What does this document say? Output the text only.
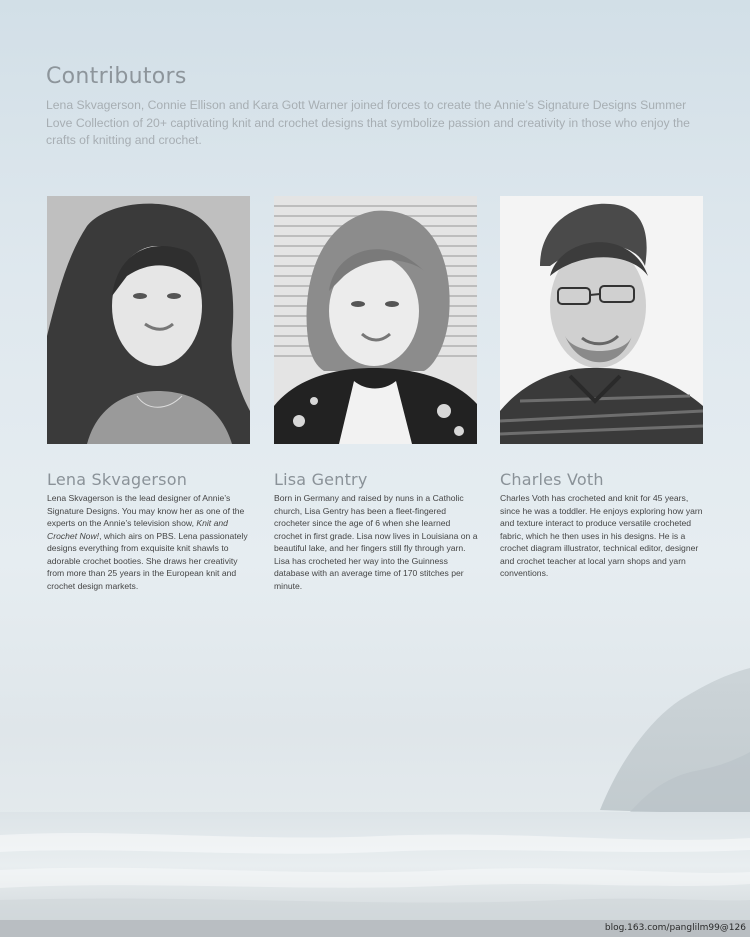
Contributors

Lena Skvagerson, Connie Ellison and Kara Gott Warner joined forces to create the Annie’s Signature Designs Summer Love Collection of 20+ captivating knit and crochet designs that symbolize passion and creativity in those who enjoy the crafts of knitting and crochet.

Lena Skvagerson

Lena Skvagerson is the lead designer of Annie’s Signature Designs. You may know her as one of the experts on the Annie’s television show, Knit and Crochet Now!, which airs on PBS. Lena passionately designs everything from exquisite knit shawls to adorable crochet booties. She draws her creativity from more than 25 years in the European knit and crochet design markets.

Lisa Gentry

Born in Germany and raised by nuns in a Catholic church, Lisa Gentry has been a fleet-fingered crocheter since the age of 6 when she learned crochet in first grade. Lisa now lives in Louisiana on a beautiful lake, and her fingers still fly through yarn. Lisa has crocheted her way into the Guinness database with an average time of 170 stitches per minute.

Charles Voth

Charles Voth has crocheted and knit for 45 years, since he was a toddler. He enjoys exploring how yarn and texture interact to produce versatile crocheted fabric, which he then uses in his designs. He is a crochet diagram illustrator, technical editor, designer and crochet teacher at local yarn shops and yarn conventions.

blog.163.com/panglilm99@126
